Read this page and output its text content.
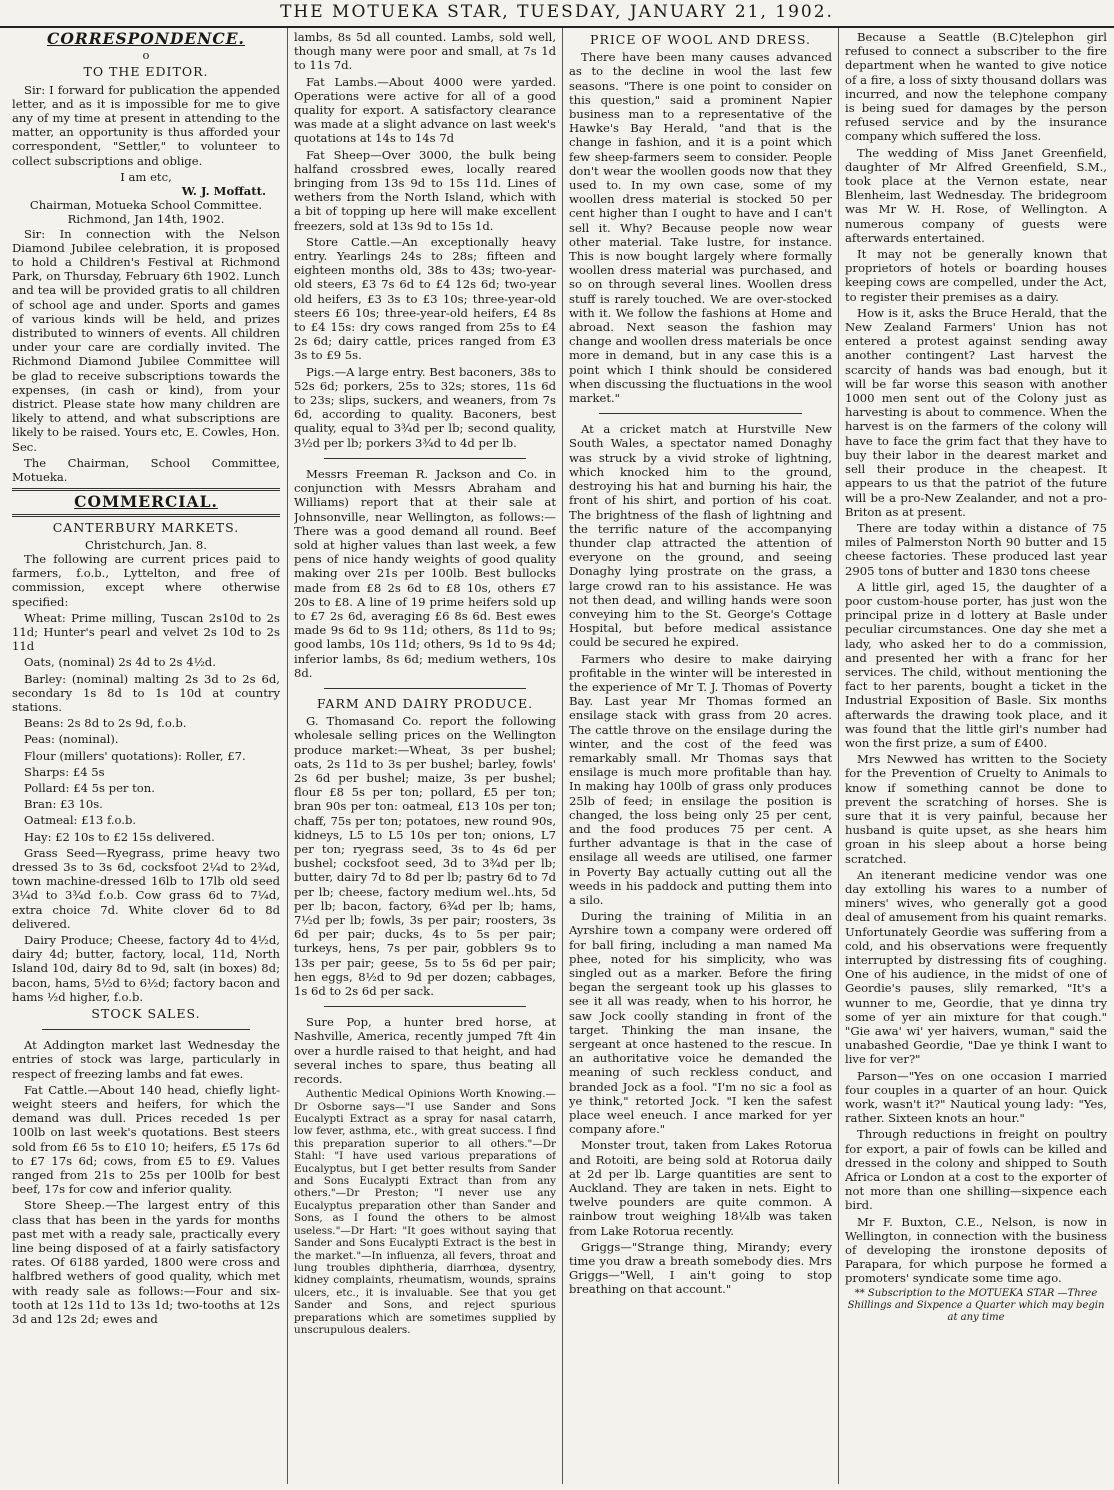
THE MOTUEKA STAR, TUESDAY, JANUARY 21, 1902.
CORRESPONDENCE.
o
TO THE EDITOR.

Sir: I forward for publication the appended letter, and as it is impossible for me to give any of my time at present in attending to the matter, an opportunity is thus afforded your correspondent, "Settler," to volunteer to collect subscriptions and oblige.

I am etc,
W. J. Moffatt.
Chairman, Motueka School Committee.
Richmond, Jan 14th, 1902.

Sir: In connection with the Nelson Diamond Jubilee celebration, it is proposed to hold a Children's Festival at Richmond Park, on Thursday, February 6th 1902. Lunch and tea will be provided gratis to all children of school age and under. Sports and games of various kinds will be held, and prizes distributed to winners of events. All children under your care are cordially invited. The Richmond Diamond Jubilee Committee will be glad to receive subscriptions towards the expenses, (in cash or kind), from your district. Please state how many children are likely to attend, and what subscriptions are likely to be raised. Yours etc, E. Cowles, Hon. Sec.

The Chairman, School Committee, Motueka.

COMMERCIAL.
CANTERBURY MARKETS.
Christchurch, Jan. 8.

The following are current prices paid to farmers, f.o.b., Lyttelton, and free of commission, except where otherwise specified:

Wheat: Prime milling, Tuscan 2s10d to 2s 11d; Hunter's pearl and velvet 2s 10d to 2s 11d

Oats, (nominal) 2s 4d to 2s 4½d.

Barley: (nominal) malting 2s 3d to 2s 6d, secondary 1s 8d to 1s 10d at country stations.

Beans: 2s 8d to 2s 9d, f.o.b.

Peas: (nominal).

Flour (millers' quotations): Roller, £7.

Sharps: £4 5s

Pollard: £4 5s per ton.

Bran: £3 10s.

Oatmeal: £13 f.o.b.

Hay: £2 10s to £2 15s delivered.

Grass Seed—Ryegrass, prime heavy two dressed 3s to 3s 6d, cocksfoot 2¼d to 2¾d, town machine-dressed 16lb to 17lb old seed 3¼d to 3¾d f.o.b. Cow grass 6d to 7¼d, extra choice 7d. White clover 6d to 8d delivered.

Dairy Produce; Cheese, factory 4d to 4½d, dairy 4d; butter, factory, local, 11d, North Island 10d, dairy 8d to 9d, salt (in boxes) 8d; bacon, hams, 5½d to 6½d; factory bacon and hams ½d higher, f.o.b.

STOCK SALES.

At Addington market last Wednesday the entries of stock was large, particularly in respect of freezing lambs and fat ewes.

Fat Cattle.—About 140 head, chiefly light-weight steers and heifers, for which the demand was dull. Prices receded 1s per 100lb on last week's quotations. Best steers sold from £6 5s to £10 10; heifers, £5 17s 6d to £7 17s 6d; cows, from £5 to £9. Values ranged from 21s to 25s per 100lb for best beef, 17s for cow and inferior quality.

Store Sheep.—The largest entry of this class that has been in the yards for months past met with a ready sale, practically every line being disposed of at a fairly satisfactory rates. Of 6188 yarded, 1800 were cross and halfbred wethers of good quality, which met with ready sale as follows:—Four and six-tooth at 12s 11d to 13s 1d; two-tooths at 12s 3d and 12s 2d; ewes and

lambs, 8s 5d all counted. Lambs, sold well, though many were poor and small, at 7s 1d to 11s 7d.

Fat Lambs.—About 4000 were yarded. Operations were active for all of a good quality for export. A satisfactory clearance was made at a slight advance on last week's quotations at 14s to 14s 7d

Fat Sheep—Over 3000, the bulk being halfand crossbred ewes, locally reared bringing from 13s 9d to 15s 11d. Lines of wethers from the North Island, which with a bit of topping up here will make excellent freezers, sold at 13s 9d to 15s 1d.

Store Cattle.—An exceptionally heavy entry. Yearlings 24s to 28s; fifteen and eighteen months old, 38s to 43s; two-year-old steers, £3 7s 6d to £4 12s 6d; two-year old heifers, £3 3s to £3 10s; three-year-old steers £6 10s; three-year-old heifers, £4 8s to £4 15s: dry cows ranged from 25s to £4 2s 6d; dairy cattle, prices ranged from £3 3s to £9 5s.

Pigs.—A large entry. Best baconers, 38s to 52s 6d; porkers, 25s to 32s; stores, 11s 6d to 23s; slips, suckers, and weaners, from 7s 6d, according to quality. Baconers, best quality, equal to 3¾d per lb; second quality, 3½d per lb; porkers 3¾d to 4d per lb.

Messrs Freeman R. Jackson and Co. in conjunction with Messrs Abraham and Williams) report that at their sale at Johnsonville, near Wellington, as follows:—There was a good demand all round. Beef sold at higher values than last week, a few pens of nice handy weights of good quality making over 21s per 100lb. Best bullocks made from £8 2s 6d to £8 10s, others £7 20s to £8. A line of 19 prime heifers sold up to £7 2s 6d, averaging £6 8s 6d. Best ewes made 9s 6d to 9s 11d; others, 8s 11d to 9s; good lambs, 10s 11d; others, 9s 1d to 9s 4d; inferior lambs, 8s 6d; medium wethers, 10s 8d.

FARM AND DAIRY PRODUCE.

G. Thomasand Co. report the following wholesale selling prices on the Wellington produce market:—Wheat, 3s per bushel; oats, 2s 11d to 3s per bushel; barley, fowls' 2s 6d per bushel; maize, 3s per bushel; flour £8 5s per ton; pollard, £5 per ton; bran 90s per ton: oatmeal, £13 10s per ton; chaff, 75s per ton; potatoes, new round 90s, kidneys, L5 to L5 10s per ton; onions, L7 per ton; ryegrass seed, 3s to 4s 6d per bushel; cocksfoot seed, 3d to 3¾d per lb; butter, dairy 7d to 8d per lb; pastry 6d to 7d per lb; cheese, factory medium wel..hts, 5d per lb; bacon, factory, 6¾d per lb; hams, 7½d per lb; fowls, 3s per pair; roosters, 3s 6d per pair; ducks, 4s to 5s per pair; turkeys, hens, 7s per pair, gobblers 9s to 13s per pair; geese, 5s to 5s 6d per pair; hen eggs, 8½d to 9d per dozen; cabbages, 1s 6d to 2s 6d per sack.

Sure Pop, a hunter bred horse, at Nashville, America, recently jumped 7ft 4in over a hurdle raised to that height, and had several inches to spare, thus beating all records.

Authentic Medical Opinions Worth Knowing.—Dr Osborne says—"I use Sander and Sons Eucalypti Extract as a spray for nasal catarrh, low fever, asthma, etc., with great success. I find this preparation superior to all others."—Dr Stahl: "I have used various preparations of Eucalyptus, but I get better results from Sander and Sons Eucalypti Extract than from any others."—Dr Preston; "I never use any Eucalyptus preparation other than Sander and Sons, as I found the others to be almost useless."—Dr Hart: "It goes without saying that Sander and Sons Eucalypti Extract is the best in the market."—In influenza, all fevers, throat and lung troubles diphtheria, diarrhœa, dysentry, kidney complaints, rheumatism, wounds, sprains ulcers, etc., it is invaluable. See that you get Sander and Sons, and reject spurious preparations which are sometimes supplied by unscrupulous dealers.

PRICE OF WOOL AND DRESS.

There have been many causes advanced as to the decline in wool the last few seasons. "There is one point to consider on this question," said a prominent Napier business man to a representative of the Hawke's Bay Herald, "and that is the change in fashion, and it is a point which few sheep-farmers seem to consider. People don't wear the woollen goods now that they used to. In my own case, some of my woollen dress material is stocked 50 per cent higher than I ought to have and I can't sell it. Why? Because people now wear other material. Take lustre, for instance. This is now bought largely where formally woollen dress material was purchased, and so on through several lines. Woollen dress stuff is rarely touched. We are over-stocked with it. We follow the fashions at Home and abroad. Next season the fashion may change and woollen dress materials be once more in demand, but in any case this is a point which I think should be considered when discussing the fluctuations in the wool market."

At a cricket match at Hurstville New South Wales, a spectator named Donaghy was struck by a vivid stroke of lightning, which knocked him to the ground, destroying his hat and burning his hair, the front of his shirt, and portion of his coat. The brightness of the flash of lightning and the terrific nature of the accompanying thunder clap attracted the attention of everyone on the ground, and seeing Donaghy lying prostrate on the grass, a large crowd ran to his assistance. He was not then dead, and willing hands were soon conveying him to the St. George's Cottage Hospital, but before medical assistance could be secured he expired.

Farmers who desire to make dairying profitable in the winter will be interested in the experience of Mr T. J. Thomas of Poverty Bay. Last year Mr Thomas formed an ensilage stack with grass from 20 acres. The cattle throve on the ensilage during the winter, and the cost of the feed was remarkably small. Mr Thomas says that ensilage is much more profitable than hay. In making hay 100lb of grass only produces 25lb of feed; in ensilage the position is changed, the loss being only 25 per cent, and the food produces 75 per cent. A further advantage is that in the case of ensilage all weeds are utilised, one farmer in Poverty Bay actually cutting out all the weeds in his paddock and putting them into a silo.

During the training of Militia in an Ayrshire town a company were ordered off for ball firing, including a man named Ma phee, noted for his simplicity, who was singled out as a marker. Before the firing began the sergeant took up his glasses to see it all was ready, when to his horror, he saw Jock coolly standing in front of the target. Thinking the man insane, the sergeant at once hastened to the rescue. In an authoritative voice he demanded the meaning of such reckless conduct, and branded Jock as a fool. "I'm no sic a fool as ye think," retorted Jock. "I ken the safest place weel eneuch. I ance marked for yer company afore."

Monster trout, taken from Lakes Rotorua and Rotoiti, are being sold at Rotorua daily at 2d per lb. Large quantities are sent to Auckland. They are taken in nets. Eight to twelve pounders are quite common. A rainbow trout weighing 18¼lb was taken from Lake Rotorua recently.

Griggs—"Strange thing, Mirandy; every time you draw a breath somebody dies. Mrs Griggs—"Well, I ain't going to stop breathing on that account."

Because a Seattle (B.C)telephon girl refused to connect a subscriber to the fire department when he wanted to give notice of a fire, a loss of sixty thousand dollars was incurred, and now the telephone company is being sued for damages by the person refused service and by the insurance company which suffered the loss.

The wedding of Miss Janet Greenfield, daughter of Mr Alfred Greenfield, S.M., took place at the Vernon estate, near Blenheim, last Wednesday. The bridegroom was Mr W. H. Rose, of Wellington. A numerous company of guests were afterwards entertained.

It may not be generally known that proprietors of hotels or boarding houses keeping cows are compelled, under the Act, to register their premises as a dairy.

How is it, asks the Bruce Herald, that the New Zealand Farmers' Union has not entered a protest against sending away another contingent? Last harvest the scarcity of hands was bad enough, but it will be far worse this season with another 1000 men sent out of the Colony just as harvesting is about to commence. When the harvest is on the farmers of the colony will have to face the grim fact that they have to buy their labor in the dearest market and sell their produce in the cheapest. It appears to us that the patriot of the future will be a pro-New Zealander, and not a pro-Briton as at present.

There are today within a distance of 75 miles of Palmerston North 90 butter and 15 cheese factories. These produced last year 2905 tons of butter and 1830 tons cheese

A little girl, aged 15, the daughter of a poor custom-house porter, has just won the principal prize in d lottery at Basle under peculiar circumstances. One day she met a lady, who asked her to do a commission, and presented her with a franc for her services. The child, without mentioning the fact to her parents, bought a ticket in the Industrial Exposition of Basle. Six months afterwards the drawing took place, and it was found that the little girl's number had won the first prize, a sum of £400.

Mrs Newwed has written to the Society for the Prevention of Cruelty to Animals to know if something cannot be done to prevent the scratching of horses. She is sure that it is very painful, because her husband is quite upset, as she hears him groan in his sleep about a horse being scratched.

An itenerant medicine vendor was one day extolling his wares to a number of miners' wives, who generally got a good deal of amusement from his quaint remarks. Unfortunately Geordie was suffering from a cold, and his observations were frequently interrupted by distressing fits of coughing. One of his audience, in the midst of one of Geordie's pauses, slily remarked, "It's a wunner to me, Geordie, that ye dinna try some of yer ain mixture for that cough." "Gie awa' wi' yer haivers, wuman," said the unabashed Geordie, "Dae ye think I want to live for ver?"

Parson—"Yes on one occasion I married four couples in a quarter of an hour. Quick work, wasn't it?" Nautical young lady: "Yes, rather. Sixteen knots an hour."

Through reductions in freight on poultry for export, a pair of fowls can be killed and dressed in the colony and shipped to South Africa or London at a cost to the exporter of not more than one shilling—sixpence each bird.

Mr F. Buxton, C.E., Nelson, is now in Wellington, in connection with the business of developing the ironstone deposits of Parapara, for which purpose he formed a promoters' syndicate some time ago.

** Subscription to the MOTUEKA STAR —Three Shillings and Sixpence a Quarter which may begin at any time
